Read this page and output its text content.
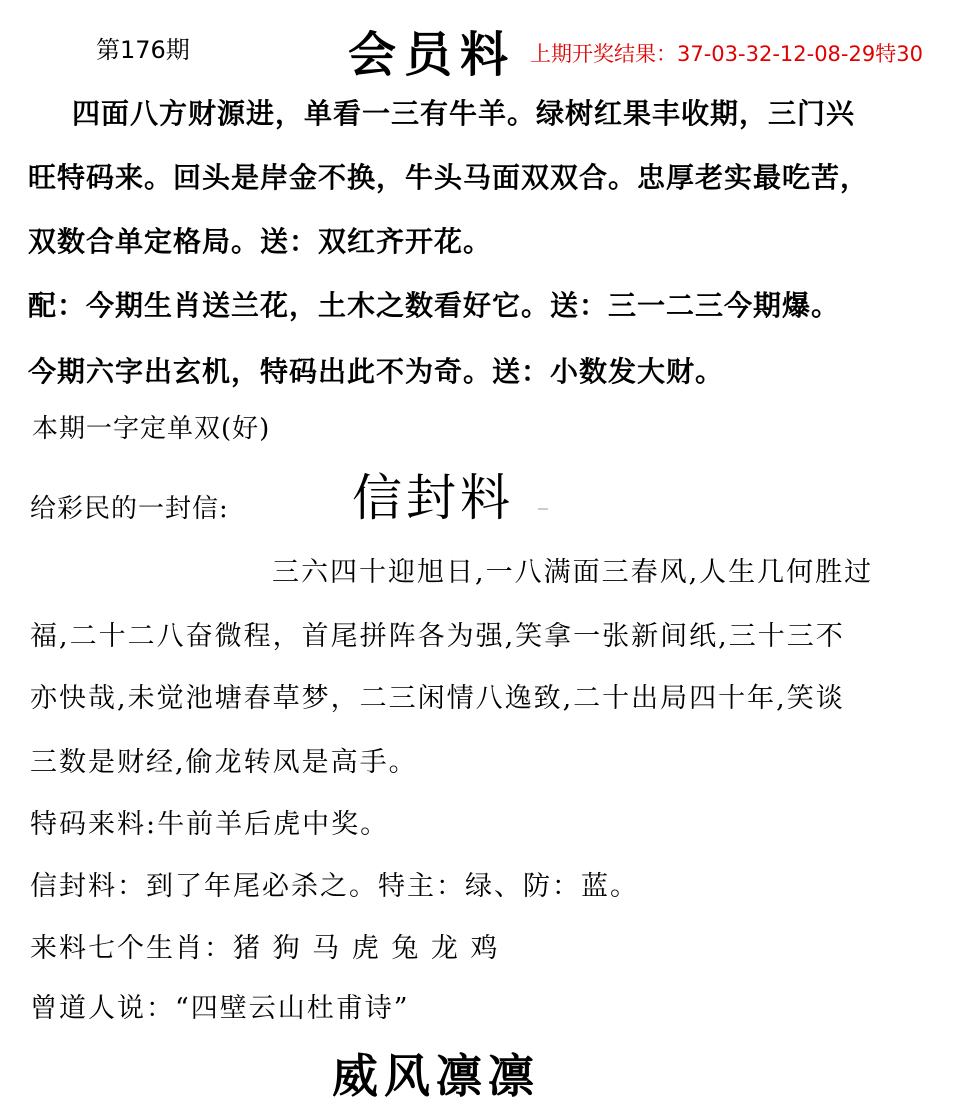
第176期	会员料 上期开奖结果：37-03-32-12-08-29特30
四面八方财源进，单看一三有牛羊。绿树红果丰收期，三门兴
旺特码来。回头是岸金不换，牛头马面双双合。忠厚老实最吃苦，
双数合单定格局。送：双红齐开花。
配：今期生肖送兰花，土木之数看好它。送：三一二三今期爆。
今期六字出玄机，特码出此不为奇。送：小数发大财。
本期一字定单双(好)
给彩民的一封信: 信封料
三六四十迎旭日,一八满面三春风,人生几何胜过
福,二十二八奋微程，首尾拼阵各为强,笑拿一张新间纸,三十三不
亦快哉,未觉池塘春草梦，二三闲情八逸致,二十出局四十年,笑谈
三数是财经,偷龙转凤是高手。
特码来料:牛前羊后虎中奖。
信封料：到了年尾必杀之。特主：绿、防：蓝。
来料七个生肖：猪 狗 马 虎 兔 龙 鸡
曾道人说：“四壁云山杜甫诗”
威风凛凛
